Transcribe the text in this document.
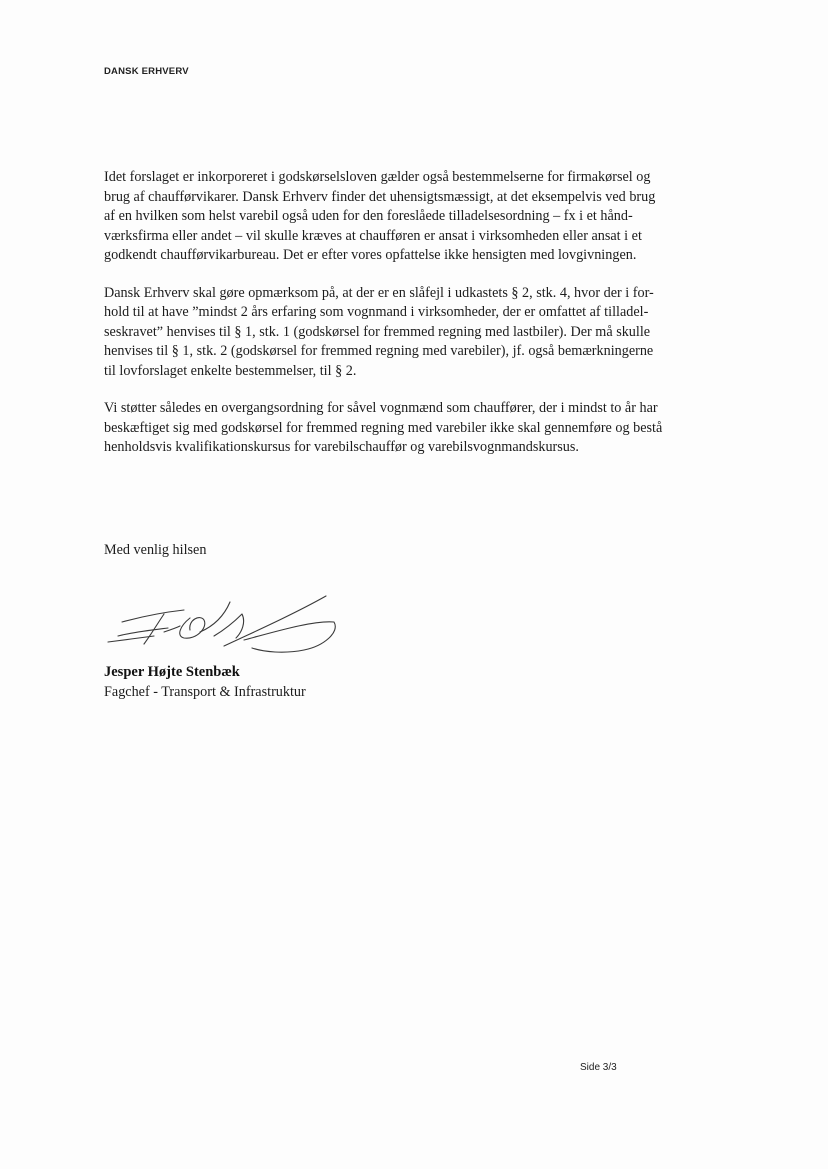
DANSK ERHVERV

Idet forslaget er inkorporeret i godskørselsloven gælder også bestemmelserne for firmakørsel og
brug af chaufførvikarer. Dansk Erhverv finder det uhensigtsmæssigt, at det eksempelvis ved brug
af en hvilken som helst varebil også uden for den foreslåede tilladelsesordning – fx i et hånd-
værksfirma eller andet – vil skulle kræves at chaufføren er ansat i virksomheden eller ansat i et
godkendt chaufførvikarbureau. Det er efter vores opfattelse ikke hensigten med lovgivningen.

Dansk Erhverv skal gøre opmærksom på, at der er en slåfejl i udkastets § 2, stk. 4, hvor der i for-
hold til at have ”mindst 2 års erfaring som vognmand i virksomheder, der er omfattet af tilladel-
seskravet” henvises til § 1, stk. 1 (godskørsel for fremmed regning med lastbiler). Der må skulle
henvises til § 1, stk. 2 (godskørsel for fremmed regning med varebiler), jf. også bemærkningerne
til lovforslaget enkelte bestemmelser, til § 2.

Vi støtter således en overgangsordning for såvel vognmænd som chauffører, der i mindst to år har
beskæftiget sig med godskørsel for fremmed regning med varebiler ikke skal gennemføre og bestå
henholdsvis kvalifikationskursus for varebilschauffør og varebilsvognmandskursus.

Med venlig hilsen
Jesper Højte Stenbæk
Fagchef - Transport & Infrastruktur
Side 3/3
